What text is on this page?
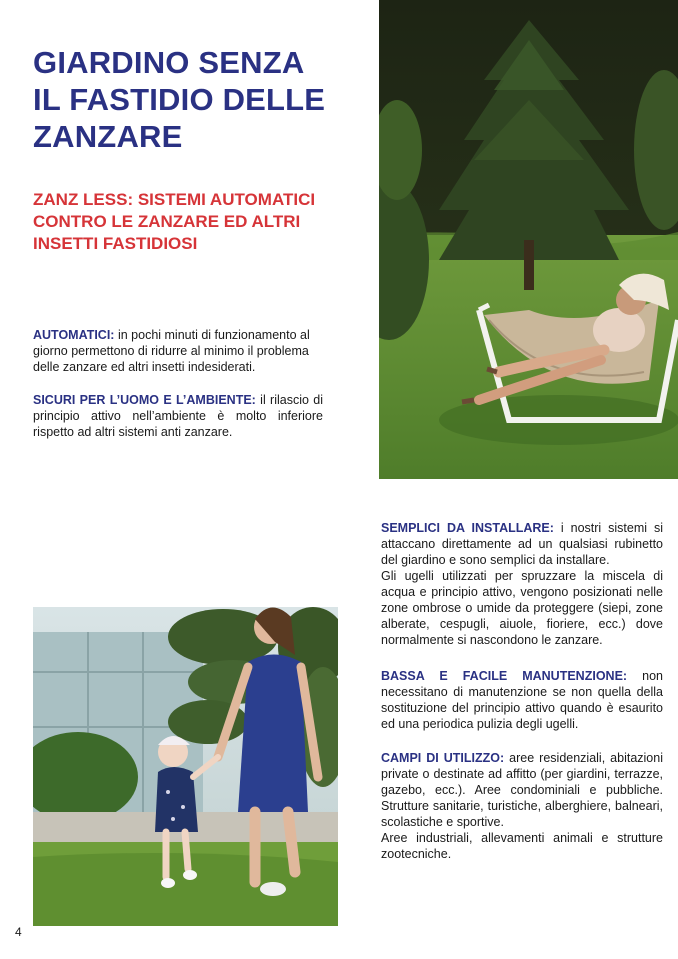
GIARDINO SENZA
IL FASTIDIO DELLE
ZANZARE
ZANZ LESS: SISTEMI AUTOMATICI
CONTRO LE ZANZARE ED ALTRI
INSETTI FASTIDIOSI

AUTOMATICI: in pochi minuti di funzionamento al giorno permettono di ridurre al minimo il problema delle zanzare ed altri insetti indesiderati.

SICURI PER L’UOMO E L’AMBIENTE: il rilascio di principio attivo nell’ambiente è molto inferiore rispetto ad altri sistemi anti zanzare.

SEMPLICI DA INSTALLARE: i nostri sistemi si attaccano direttamente ad un qualsiasi rubinetto del giardino e sono semplici da installare.
Gli ugelli utilizzati per spruzzare la miscela di acqua e principio attivo, vengono posizionati nelle zone ombrose o umide da proteggere (siepi, zone alberate, cespugli, aiuole, fioriere, ecc.) dove normalmente si nascondono le zanzare.

BASSA E FACILE MANUTENZIONE: non necessitano di manutenzione se non quella della sostituzione del principio attivo quando è esaurito ed una periodica pulizia degli ugelli.

CAMPI DI UTILIZZO: aree residenziali, abitazioni private o destinate ad affitto (per giardini, terrazze, gazebo, ecc.). Aree condominiali e pubbliche. Strutture sanitarie, turistiche, alberghiere, balneari, scolastiche e sportive.
Aree industriali, allevamenti animali e strutture zootecniche.

4
